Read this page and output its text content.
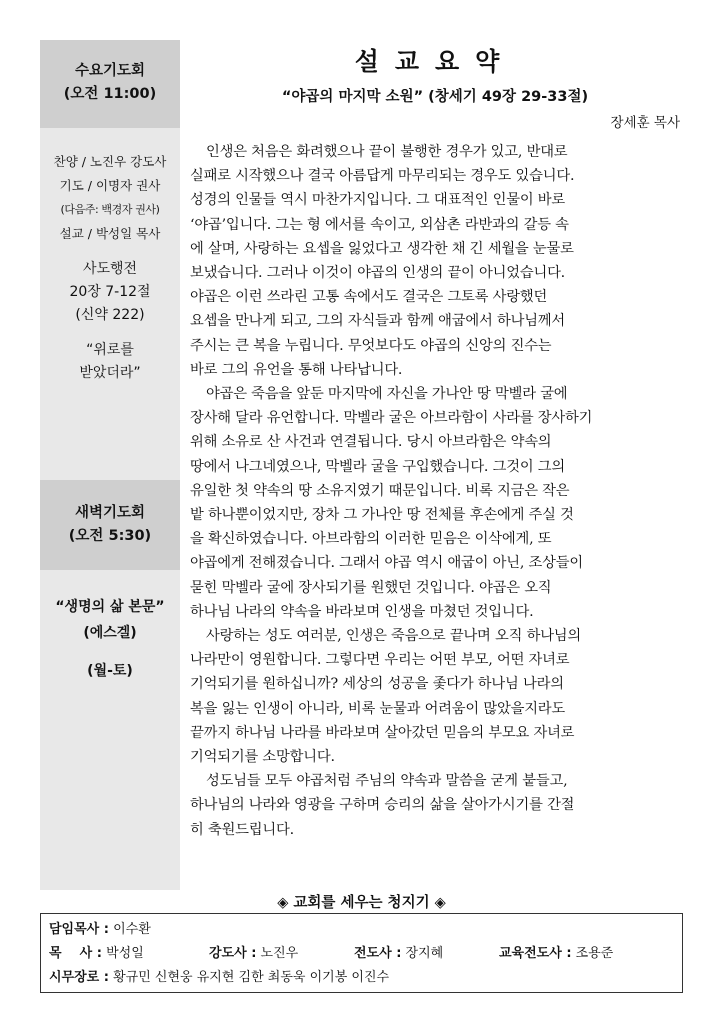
수요기도회
(오전 11:00)
찬양 / 노진우 강도사
기도 / 이명자 권사
(다음주: 백경자 권사)
설교 / 박성일 목사
사도행전
20장 7-12절
(신약 222)
“위로를
받았더라”
새벽기도회
(오전 5:30)
“생명의 삶 본문”
(에스겔)
(월-토)
설교요약
“야곱의 마지막 소원” (창세기 49장 29-33절)
장세훈 목사
인생은 처음은 화려했으나 끝이 불행한 경우가 있고, 반대로
실패로 시작했으나 결국 아름답게 마무리되는 경우도 있습니다.
성경의 인물들 역시 마찬가지입니다. 그 대표적인 인물이 바로
‘야곱’입니다. 그는 형 에서를 속이고, 외삼촌 라반과의 갈등 속
에 살며, 사랑하는 요셉을 잃었다고 생각한 채 긴 세월을 눈물로
보냈습니다. 그러나 이것이 야곱의 인생의 끝이 아니었습니다.
야곱은 이런 쓰라린 고통 속에서도 결국은 그토록 사랑했던
요셉을 만나게 되고, 그의 자식들과 함께 애굽에서 하나님께서
주시는 큰 복을 누립니다. 무엇보다도 야곱의 신앙의 진수는
바로 그의 유언을 통해 나타납니다.
야곱은 죽음을 앞둔 마지막에 자신을 가나안 땅 막벨라 굴에
장사해 달라 유언합니다. 막벨라 굴은 아브라함이 사라를 장사하기
위해 소유로 산 사건과 연결됩니다. 당시 아브라함은 약속의
땅에서 나그네였으나, 막벨라 굴을 구입했습니다. 그것이 그의
유일한 첫 약속의 땅 소유지였기 때문입니다. 비록 지금은 작은
밭 하나뿐이었지만, 장차 그 가나안 땅 전체를 후손에게 주실 것
을 확신하였습니다. 아브라함의 이러한 믿음은 이삭에게, 또
야곱에게 전해졌습니다. 그래서 야곱 역시 애굽이 아닌, 조상들이
묻힌 막벨라 굴에 장사되기를 원했던 것입니다. 야곱은 오직
하나님 나라의 약속을 바라보며 인생을 마쳤던 것입니다.
사랑하는 성도 여러분, 인생은 죽음으로 끝나며 오직 하나님의
나라만이 영원합니다. 그렇다면 우리는 어떤 부모, 어떤 자녀로
기억되기를 원하십니까? 세상의 성공을 좇다가 하나님 나라의
복을 잃는 인생이 아니라, 비록 눈물과 어려움이 많았을지라도
끝까지 하나님 나라를 바라보며 살아갔던 믿음의 부모요 자녀로
기억되기를 소망합니다.
성도님들 모두 야곱처럼 주님의 약속과 말씀을 굳게 붙들고,
하나님의 나라와 영광을 구하며 승리의 삶을 살아가시기를 간절
히 축원드립니다.
◈ 교회를 세우는 청지기 ◈
담임목사 : 이수환
목    사 : 박성일	강도사 : 노진우	전도사 : 장지혜	교육전도사 : 조용준
시무장로 : 황규민 신현웅 유지현 김한 최동욱 이기봉 이진수
